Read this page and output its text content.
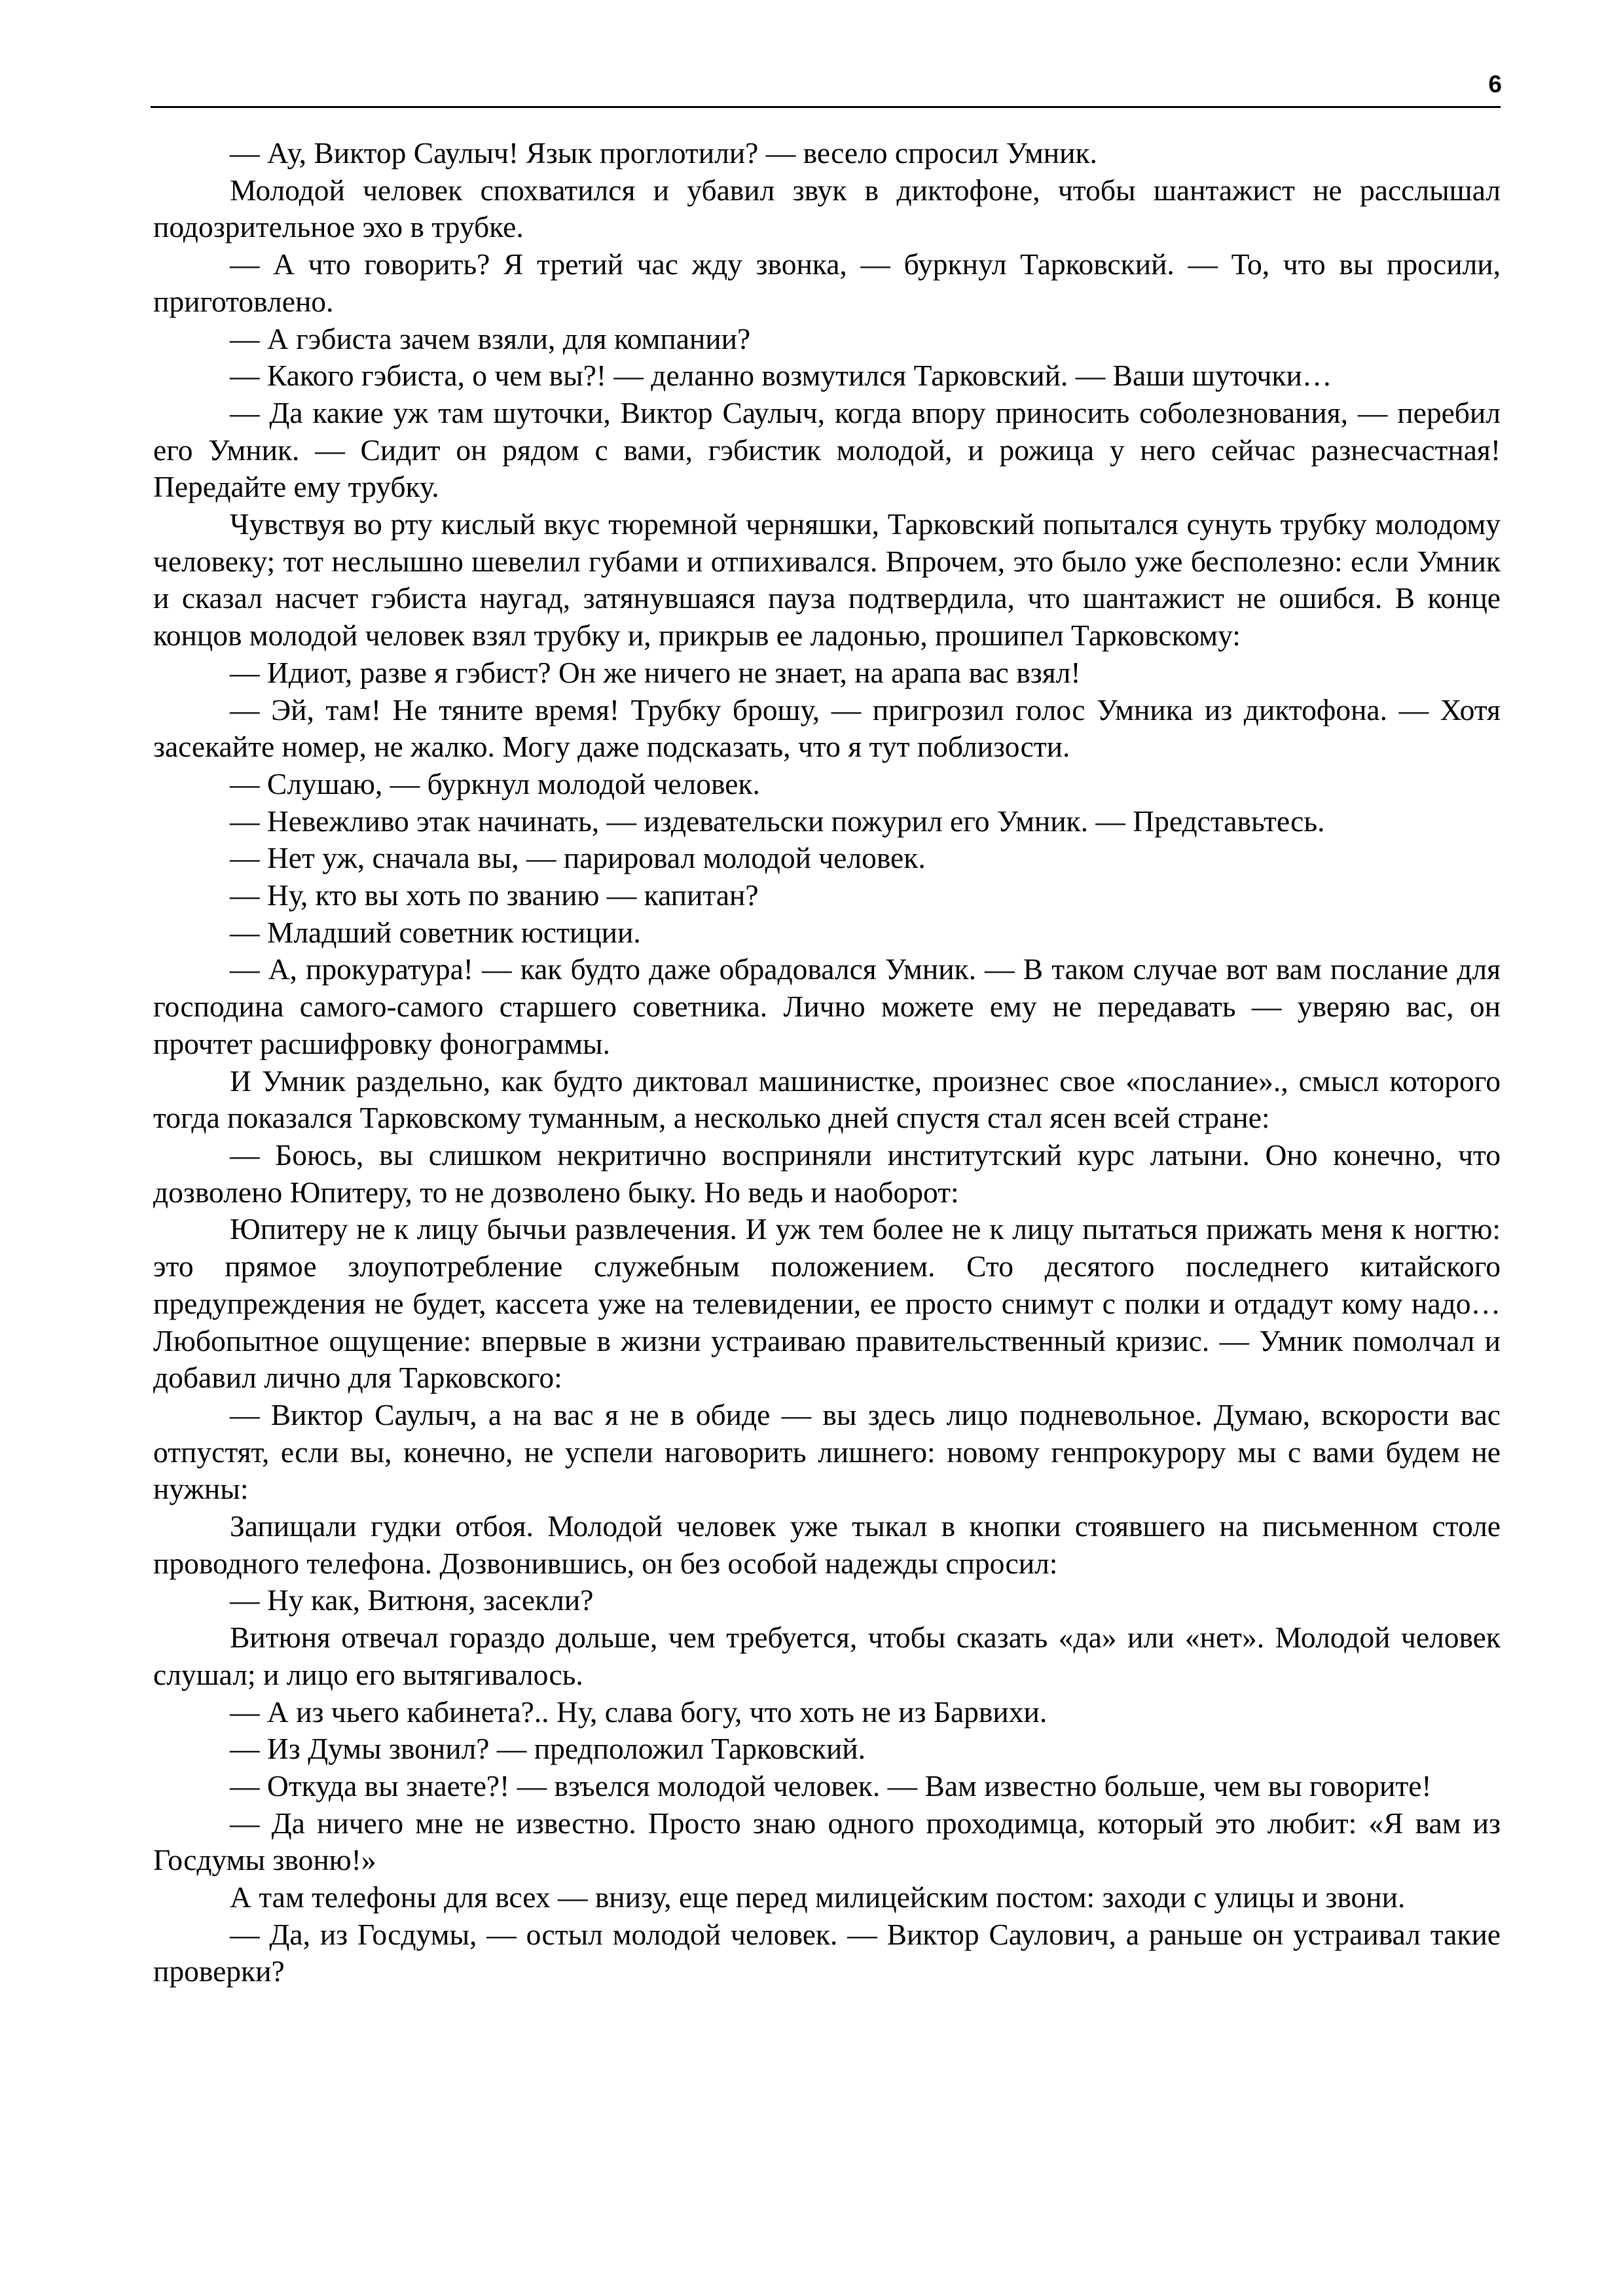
6

— Ау, Виктор Саулыч! Язык проглотили? — весело спросил Умник.

Молодой человек спохватился и убавил звук в диктофоне, чтобы шантажист не расслышал подозрительное эхо в трубке.

— А что говорить? Я третий час жду звонка, — буркнул Тарковский. — То, что вы просили, приготовлено.

— А гэбиста зачем взяли, для компании?

— Какого гэбиста, о чем вы?! — деланно возмутился Тарковский. — Ваши шуточки…

— Да какие уж там шуточки, Виктор Саулыч, когда впору приносить соболезнования, — перебил его Умник. — Сидит он рядом с вами, гэбистик молодой, и рожица у него сейчас разнесчастная! Передайте ему трубку.

Чувствуя во рту кислый вкус тюремной черняшки, Тарковский попытался сунуть трубку молодому человеку; тот неслышно шевелил губами и отпихивался. Впрочем, это было уже бесполезно: если Умник и сказал насчет гэбиста наугад, затянувшаяся пауза подтвердила, что шантажист не ошибся. В конце концов молодой человек взял трубку и, прикрыв ее ладонью, прошипел Тарковскому:

— Идиот, разве я гэбист? Он же ничего не знает, на арапа вас взял!

— Эй, там! Не тяните время! Трубку брошу, — пригрозил голос Умника из диктофона. — Хотя засекайте номер, не жалко. Могу даже подсказать, что я тут поблизости.

— Слушаю, — буркнул молодой человек.

— Невежливо этак начинать, — издевательски пожурил его Умник. — Представьтесь.

— Нет уж, сначала вы, — парировал молодой человек.

— Ну, кто вы хоть по званию — капитан?

— Младший советник юстиции.

— А, прокуратура! — как будто даже обрадовался Умник. — В таком случае вот вам послание для господина самого-самого старшего советника. Лично можете ему не передавать — уверяю вас, он прочтет расшифровку фонограммы.

И Умник раздельно, как будто диктовал машинистке, произнес свое «послание»., смысл которого тогда показался Тарковскому туманным, а несколько дней спустя стал ясен всей стране:

— Боюсь, вы слишком некритично восприняли институтский курс латыни. Оно конечно, что дозволено Юпитеру, то не дозволено быку. Но ведь и наоборот:

Юпитеру не к лицу бычьи развлечения. И уж тем более не к лицу пытаться прижать меня к ногтю: это прямое злоупотребление служебным положением. Сто десятого последнего китайского предупреждения не будет, кассета уже на телевидении, ее просто снимут с полки и отдадут кому надо… Любопытное ощущение: впервые в жизни устраиваю правительственный кризис. — Умник помолчал и добавил лично для Тарковского:

— Виктор Саулыч, а на вас я не в обиде — вы здесь лицо подневольное. Думаю, вскорости вас отпустят, если вы, конечно, не успели наговорить лишнего: новому генпрокурору мы с вами будем не нужны:

Запищали гудки отбоя. Молодой человек уже тыкал в кнопки стоявшего на письменном столе проводного телефона. Дозвонившись, он без особой надежды спросил:

— Ну как, Витюня, засекли?

Витюня отвечал гораздо дольше, чем требуется, чтобы сказать «да» или «нет». Молодой человек слушал; и лицо его вытягивалось.

— А из чьего кабинета?.. Ну, слава богу, что хоть не из Барвихи.

— Из Думы звонил? — предположил Тарковский.

— Откуда вы знаете?! — взъелся молодой человек. — Вам известно больше, чем вы говорите!

— Да ничего мне не известно. Просто знаю одного проходимца, который это любит: «Я вам из Госдумы звоню!»

А там телефоны для всех — внизу, еще перед милицейским постом: заходи с улицы и звони.

— Да, из Госдумы, — остыл молодой человек. — Виктор Саулович, а раньше он устраивал такие проверки?
